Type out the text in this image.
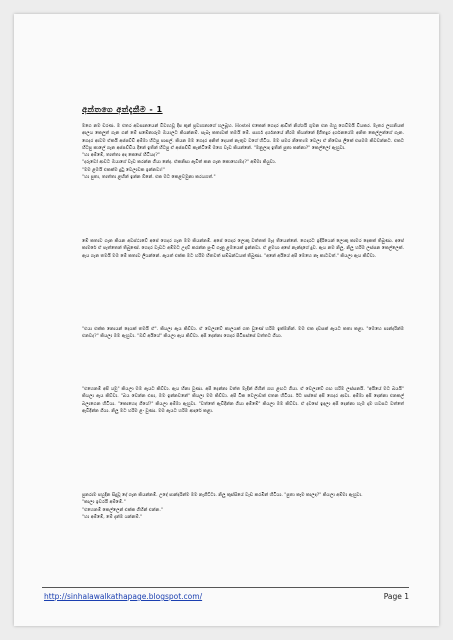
අන්තගෙ අත්දැකීම - 1
මගෙ නම චරණ. ම එතර අවසානයෙන් විවාහවූ දීප කුන් ප්‍රවාගනාගේ හලබූහ. Hostel එකෙන් ගෙදර ආවිත් නිශ්ශයි ගුමන එන ඔහු ගෙවීමයි වියකර. මැතර ලඟනියක් ආලය කෙලුත් ගැන ගන් මේ සමේනාරුම ඔයාලට කියන්නම්. සැබෑ කතාවක් තමයි මේ. සාගර් දර්ශනයේ නීරම කියන්නේ දිගිතදුර දර්ශනයේම අනිත කෙල්ලන්ගේ ගැන. ගෙදර ආවම ඒකයි අප්පච්චි අම්මා හිටපු පාසල්. කියන මම ගෙදර අනිත් දෙයක් නැතුව වගේ හිටිය. මම සමර නිත්‍යෙම වෙලා ඒ නිවෙස ලීකේ එසමම කිවවන්නට. එකට හිටපු කාලේ ගැන අප්පච්චිය දිනේ ඉතින් හිටපු ඒ අප්පච්චි කැන්ටිමේ මගෙ වැඩ කියන්නේ. "මනුලාද ඉතින් පුතා කන්නා?" කෙල්ලෝ ඇහුවා.
"හා අම්මේ, තාත්තා අද කෙසේ හිටියද?"
"දරුවෝ ආවට ඔයාගේ වැඩ කරන්න ගියා නේද. ඒකනිසා ඇවිත් කන ගැන කොහොමද?" අම්මා කියුවා.
"මම ළමයි එකක්ම දුටු වෙලාවක ඉන්නවා!"
"හා පුතා, තාත්තා ළඟින් ඉන්න ඕනේ. එක මට කෙළවමුනා කරයගත්."
මේ කතාව ගැන කියන අවස්ථාවේ අපේ ගෙදර ගැන මම කියන්නම්. අපේ ගෙදර ලොකු වත්තක් මැද තියෙන්නේ. ගෙදරට ඉදිරියෙන් ලොකු කාමර දෙකක් තිබුණා. අපේ කාමරේ ඒ පැත්තෙන් තිබුණේ. ගෙදර වැඩට අම්මට උදව් කරන්න පුංචි ගෑනු ළමයෙක් ඉන්නවා. ඒ ළමයා අපේ නැන්දාගේ දුව. ඇය නම නිලූ. නිලූ හරිම ලස්සන කෙල්ලෙක්. ඇය ගැන තමයි මම මේ කතාව ලියන්නේ. ඇයත් එක්ක මට හරිම හිතවත් සම්බන්ධයක් තිබුණා. "අනේ අයියේ අපි මෙහෙ නෑ කාටවත්." කියලා ඇය කිව්වා.
"එයා එක්ක නොයන් දෙයක් තමයි ඒ". කියලා ඇය කිව්වා. ඒ වෙලාවේ කාලයක් ගත වුණේ හරිම ඉක්මනින්. මම එක දවසක් ඇයට කතා කළා. "මෙහෙ පාන්දරින්ම එනවද?" කියලා මම ඇහුවා. "ඔව් අයියේ" කියලා ඇය කිව්වා. අපි දෙන්නා ගෙදර පිටිපස්සේ වත්තට ගියා.
"එහෙනම් අපි යමු" කියලා මම ඇයට කිව්වා. ඇය හිනා වුණා. අපි දෙන්නා වත්ත මැදින් ගිහින් ගඟ ළඟට ගියා. ඒ වෙලාවේ ගඟ හරිම ලස්සනයි. "අයියේ මට බයයි" කියලා ඇය කිව්වා. "බය වෙන්න එපා, මම ඉන්නවනේ" කියලා මම කිව්වා. අපි ටික වෙලාවක් එතන හිටියා. ඊට පස්සේ අපි ගෙදර ආවා. අම්මා අපි දෙන්නා එනකල් බලාගෙන හිටියා. "කොහෙද ගියේ?" කියලා අම්මා ඇහුවා. "වත්තේ ඇවිදින්න ගියා අම්මේ" කියලා මම කිව්වා. ඒ දවසේ ඉඳලා අපි දෙන්නා හැම දාම හවසට වත්තේ ඇවිදින්න ගියා. නිලූ මට හරිම ළං වුණා. මම ඇයට හරිම ආදරේ කළා.
පුනරාම පහුදින සිදුවූ දේ ගැන කියන්නම්. උදේ පාන්දරින්ම මම නැගිට්ටා. නිලූ කුස්සියේ වැඩ කරමින් හිටියා. "පුතා කෑම කාලද?" කියලා අම්මා ඇහුවා.
"කාලා ඉවරයි අම්මේ."
"එහෙනම් කෙල්ලෙන් එක්ක ගිහින් එන්න."
"හා අම්මේ, මේ දැන්ම යන්නම්."
http://sinhalawalkathapage.blogspot.com/	Page 1
